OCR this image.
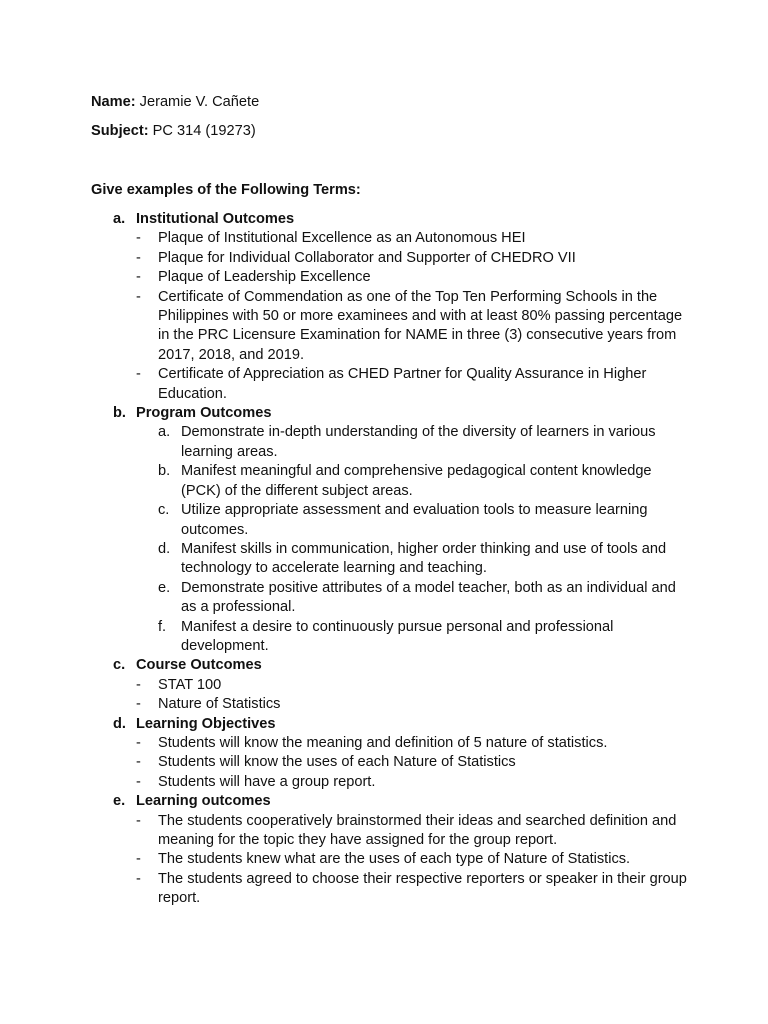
Name: Jeramie V. Cañete
Subject: PC 314 (19273)
Give examples of the Following Terms:
a. Institutional Outcomes
- Plaque of Institutional Excellence as an Autonomous HEI
- Plaque for Individual Collaborator and Supporter of CHEDRO VII
- Plaque of Leadership Excellence
- Certificate of Commendation as one of the Top Ten Performing Schools in the Philippines with 50 or more examinees and with at least 80% passing percentage in the PRC Licensure Examination for NAME in three (3) consecutive years from 2017, 2018, and 2019.
- Certificate of Appreciation as CHED Partner for Quality Assurance in Higher Education.
b. Program Outcomes
a. Demonstrate in-depth understanding of the diversity of learners in various learning areas.
b. Manifest meaningful and comprehensive pedagogical content knowledge (PCK) of the different subject areas.
c. Utilize appropriate assessment and evaluation tools to measure learning outcomes.
d. Manifest skills in communication, higher order thinking and use of tools and technology to accelerate learning and teaching.
e. Demonstrate positive attributes of a model teacher, both as an individual and as a professional.
f. Manifest a desire to continuously pursue personal and professional development.
c. Course Outcomes
- STAT 100
- Nature of Statistics
d. Learning Objectives
- Students will know the meaning and definition of 5 nature of statistics.
- Students will know the uses of each Nature of Statistics
- Students will have a group report.
e. Learning outcomes
- The students cooperatively brainstormed their ideas and searched definition and meaning for the topic they have assigned for the group report.
- The students knew what are the uses of each type of Nature of Statistics.
- The students agreed to choose their respective reporters or speaker in their group report.
